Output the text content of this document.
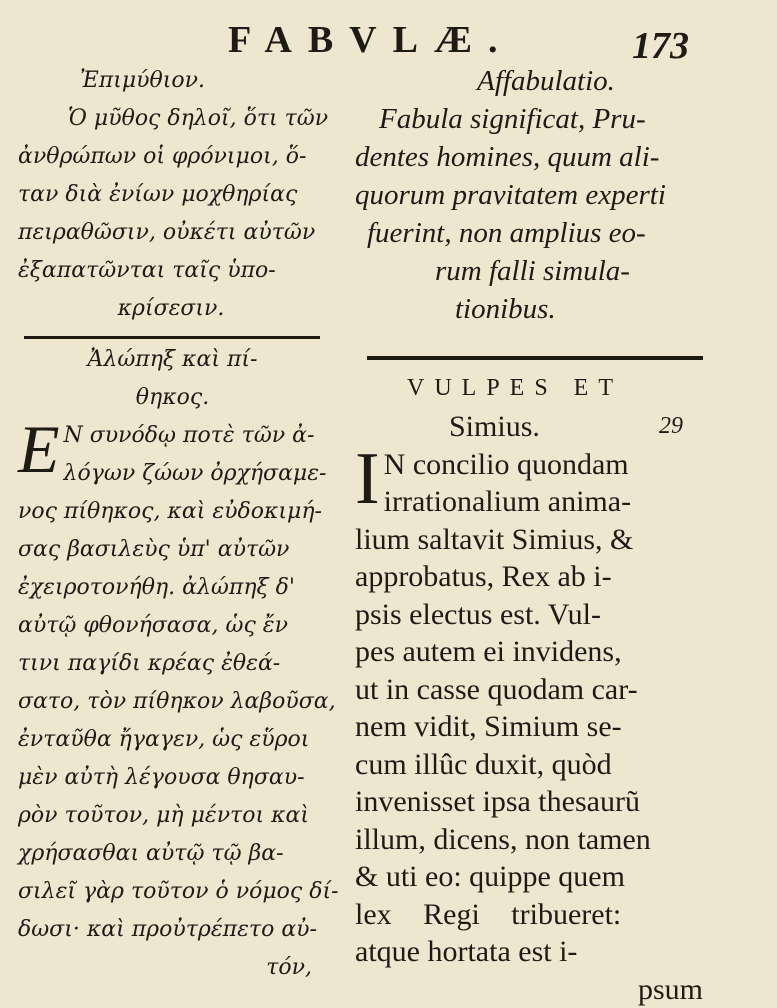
FABVLÆ.	173
Ἐπιμύθιον.
Ὁ μῦθος δηλοῖ, ὅτι τῶν
ἀνθρώπων οἱ φρόνιμοι, ὅ-
ταν διὰ ἐνίων μοχθηρίας
πειραθῶσιν, οὐκέτι αὐτῶν
ἐξαπατῶνται ταῖς ὑπο-
κρίσεσιν.
Ἀλώπηξ καὶ πί-
θηκος.
Ε Ν συνόδῳ ποτὲ τῶν ἀ-
λόγων ζώων ὀρχήσαμε-
νος πίθηκος, καὶ εὐδοκιμή-
σας βασιλεὺς ὑπ' αὐτῶν
ἐχειροτονήθη. ἀλώπηξ δ'
αὐτῷ φθονήσασα, ὡς ἔν
τινι παγίδι κρέας ἐθεά-
σατο, τὸν πίθηκον λαβοῦσα,
ἐνταῦθα ἤγαγεν, ὡς εὕροι
μὲν αὐτὴ λέγουσα θησαυ-
ρὸν τοῦτον, μὴ μέντοι καὶ
χρήσασθαι αὐτῷ τῷ βα-
σιλεῖ γὰρ τοῦτον ὁ νόμος δί-
δωσι· καὶ προὐτρέπετο αὐ-
τόν,
Affabulatio.
Fabula significat, Pru-
dentes homines, quum ali-
quorum pravitatem experti
fuerint, non amplius eo-
rum falli simula-
tionibus.
VULPES ET
Simius.	29
I N concilio quondam
irrationalium anima-
lium saltavit Simius, &
approbatus, Rex ab i-
psis electus est. Vul-
pes autem ei invidens,
ut in casse quodam car-
nem vidit, Simium se-
cum illûc duxit, quòd
invenisset ipsa thesaurũ
illum, dicens, non tamen
& uti eo: quippe quem
lex Regi tribueret:
atque hortata est i-
psum
